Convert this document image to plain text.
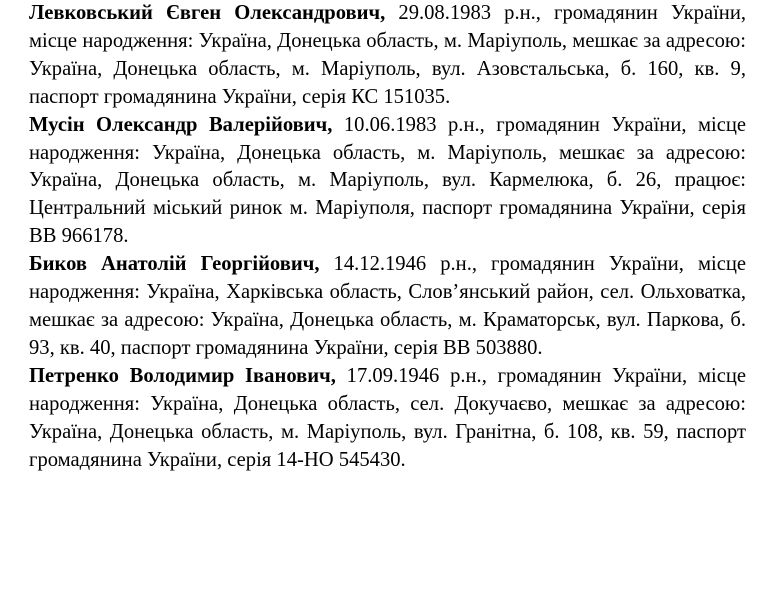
Левковський Євген Олександрович, 29.08.1983 р.н., громадянин України, місце народження: Україна, Донецька область, м. Маріуполь, мешкає за адресою: Україна, Донецька область, м. Маріуполь, вул. Азовстальська, б. 160, кв. 9, паспорт громадянина України, серія КС 151035.

Мусін Олександр Валерійович, 10.06.1983 р.н., громадянин України, місце народження: Україна, Донецька область, м. Маріуполь, мешкає за адресою: Україна, Донецька область, м. Маріуполь, вул. Кармелюка, б. 26, працює: Центральний міський ринок м. Маріуполя, паспорт громадянина України, серія ВВ 966178.

Биков Анатолій Георгійович, 14.12.1946 р.н., громадянин України, місце народження: Україна, Харківська область, Слов’янський район, сел. Ольховатка, мешкає за адресою: Україна, Донецька область, м. Краматорськ, вул. Паркова, б. 93, кв. 40, паспорт громадянина України, серія ВВ 503880.

Петренко Володимир Іванович, 17.09.1946 р.н., громадянин України, місце народження: Україна, Донецька область, сел. Докучаєво, мешкає за адресою: Україна, Донецька область, м. Маріуполь, вул. Гранітна, б. 108, кв. 59, паспорт громадянина України, серія 14-НО 545430.
